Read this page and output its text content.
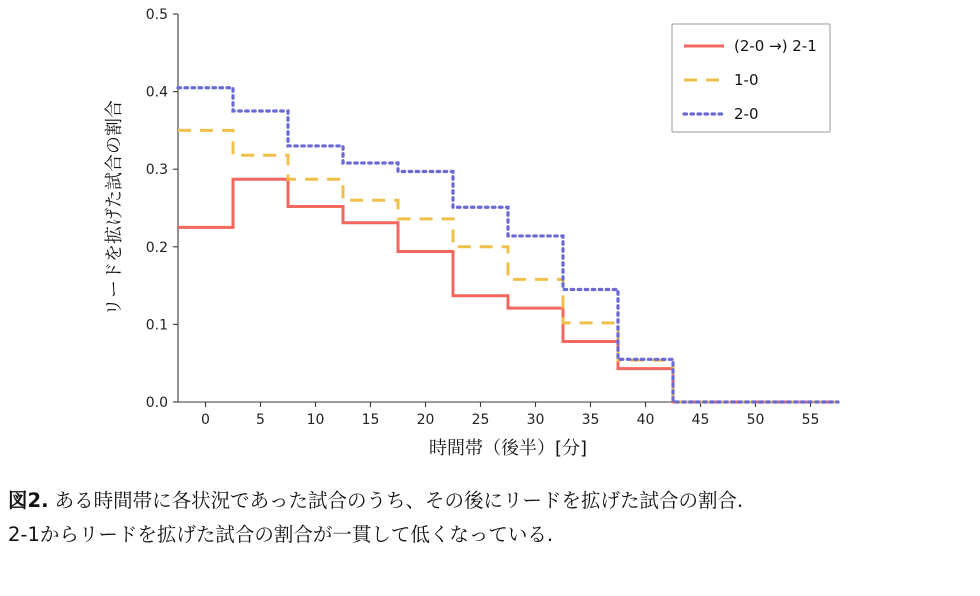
0	5	10	15	20	25	30	35	40	45	50	55
0.0
0.1
0.2
0.3
0.4
0.5
(2-0 →) 2-1
1-0
2-0
時間帯（後半）[分]
リードを拡げた試合の割合
図2. ある時間帯に各状況であった試合のうち、その後にリードを拡げた試合の割合.
2-1からリードを拡げた試合の割合が一貫して低くなっている.
